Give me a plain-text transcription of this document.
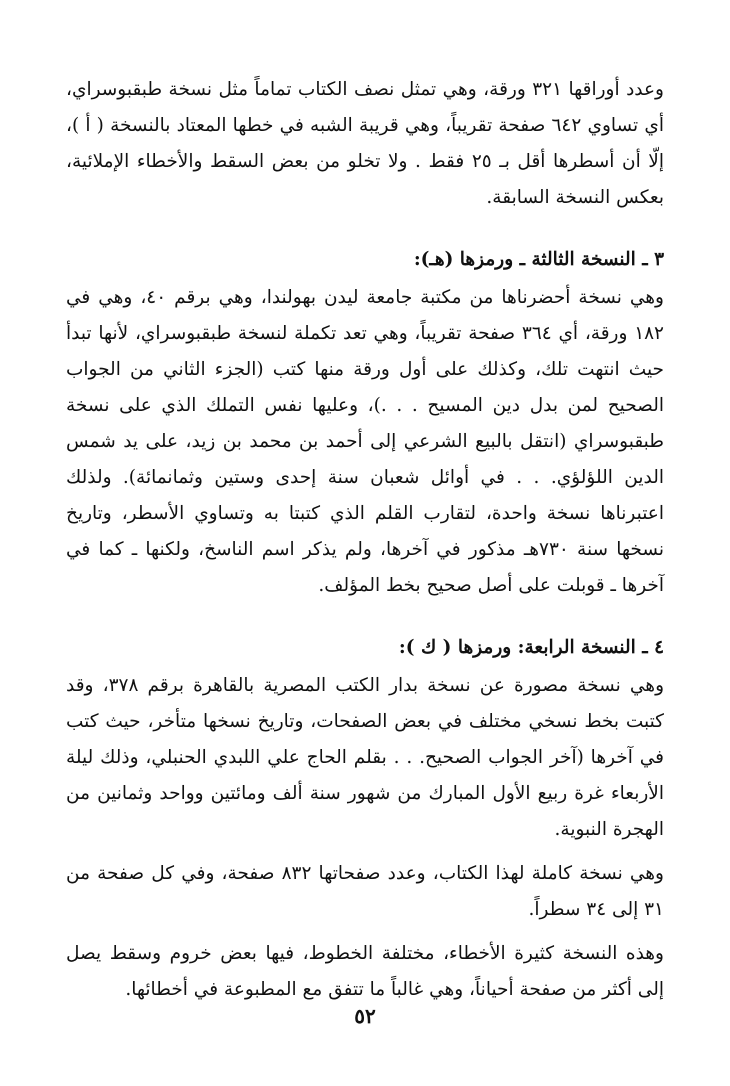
وعدد أوراقها ٣٢١ ورقة، وهي تمثل نصف الكتاب تماماً مثل نسخة طبقبوسراي، أي تساوي ٦٤٢ صفحة تقريباً، وهي قريبة الشبه في خطها المعتاد بالنسخة ( أ )، إلّا أن أسطرها أقل بـ ٢٥ فقط . ولا تخلو من بعض السقط والأخطاء الإملائية، بعكس النسخة السابقة.

٣ ـ النسخة الثالثة ـ ورمزها (هـ):

وهي نسخة أحضرناها من مكتبة جامعة ليدن بهولندا، وهي برقم ٤٠، وهي في ١٨٢ ورقة، أي ٣٦٤ صفحة تقريباً، وهي تعد تكملة لنسخة طبقبوسراي، لأنها تبدأ حيث انتهت تلك، وكذلك على أول ورقة منها كتب (الجزء الثاني من الجواب الصحيح لمن بدل دين المسيح . . .)، وعليها نفس التملك الذي على نسخة طبقبوسراي (انتقل بالبيع الشرعي إلى أحمد بن محمد بن زيد، على يد شمس الدين اللؤلؤي. . . في أوائل شعبان سنة إحدى وستين وثمانمائة). ولذلك اعتبرناها نسخة واحدة، لتقارب القلم الذي كتبتا به وتساوي الأسطر، وتاريخ نسخها سنة ٧٣٠هـ مذكور في آخرها، ولم يذكر اسم الناسخ، ولكنها ـ كما في آخرها ـ قوبلت على أصل صحيح بخط المؤلف.

٤ ـ النسخة الرابعة: ورمزها ( ك ):

وهي نسخة مصورة عن نسخة بدار الكتب المصرية بالقاهرة برقم ٣٧٨، وقد كتبت بخط نسخي مختلف في بعض الصفحات، وتاريخ نسخها متأخر، حيث كتب في آخرها (آخر الجواب الصحيح. . . بقلم الحاج علي اللبدي الحنبلي، وذلك ليلة الأربعاء غرة ربيع الأول المبارك من شهور سنة ألف ومائتين وواحد وثمانين من الهجرة النبوية.

وهي نسخة كاملة لهذا الكتاب، وعدد صفحاتها ٨٣٢ صفحة، وفي كل صفحة من ٣١ إلى ٣٤ سطراً.

وهذه النسخة كثيرة الأخطاء، مختلفة الخطوط، فيها بعض خروم وسقط يصل إلى أكثر من صفحة أحياناً، وهي غالباً ما تتفق مع المطبوعة في أخطائها.

٥٢
